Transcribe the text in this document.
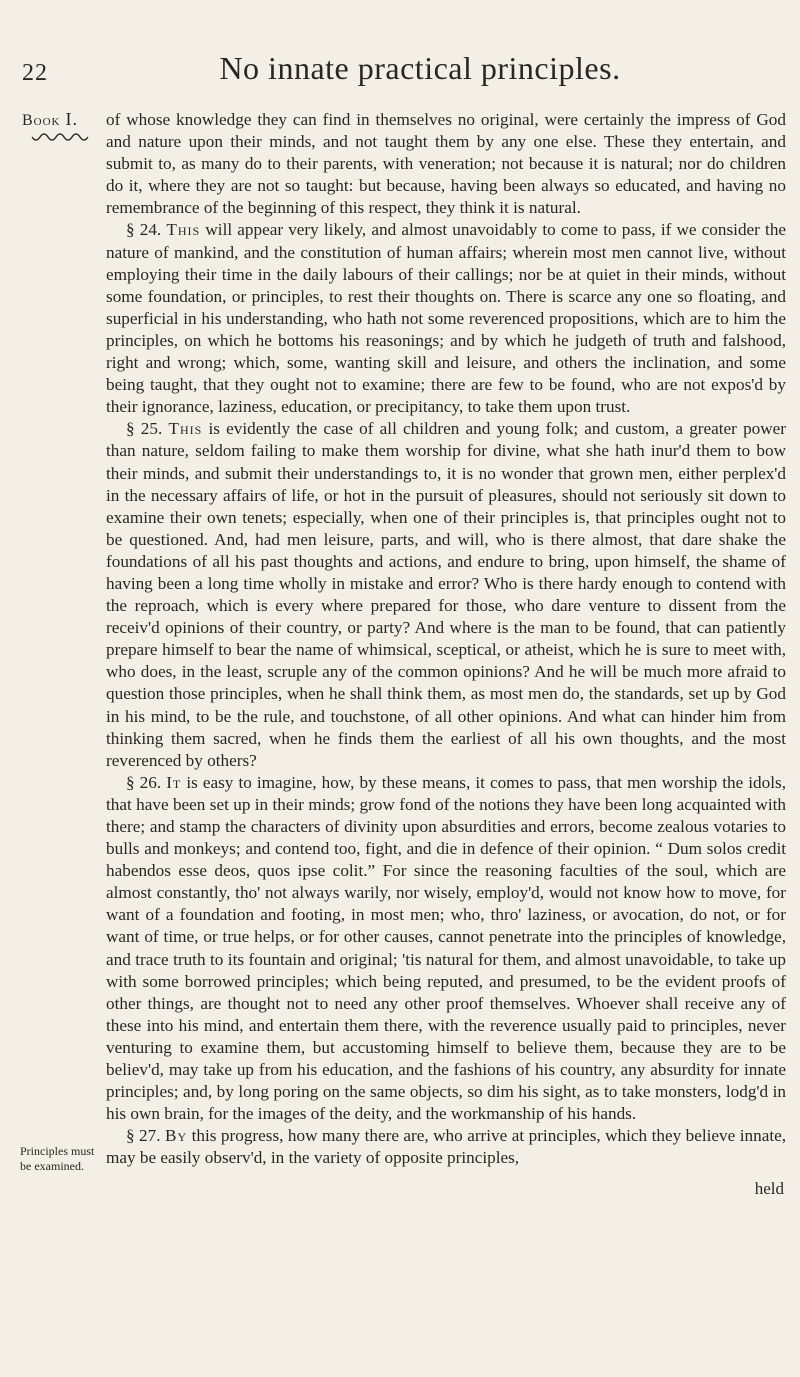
22	No innate practical principles.
Book I. of whose knowledge they can find in themselves no original, were certainly the impress of God and nature upon their minds, and not taught them by any one else. These they entertain, and submit to, as many do to their parents, with veneration; not because it is natural; nor do children do it, where they are not so taught: but because, having been always so educated, and having no remembrance of the beginning of this respect, they think it is natural.

§ 24. This will appear very likely, and almost unavoidably to come to pass, if we consider the nature of mankind, and the constitution of human affairs; wherein most men cannot live, without employing their time in the daily labours of their callings; nor be at quiet in their minds, without some foundation, or principles, to rest their thoughts on. There is scarce any one so floating, and superficial in his understanding, who hath not some reverenced propositions, which are to him the principles, on which he bottoms his reasonings; and by which he judgeth of truth and falshood, right and wrong; which, some, wanting skill and leisure, and others the inclination, and some being taught, that they ought not to examine; there are few to be found, who are not expos'd by their ignorance, laziness, education, or precipitancy, to take them upon trust.

§ 25. This is evidently the case of all children and young folk; and custom, a greater power than nature, seldom failing to make them worship for divine, what she hath inur'd them to bow their minds, and submit their understandings to, it is no wonder that grown men, either perplex'd in the necessary affairs of life, or hot in the pursuit of pleasures, should not seriously sit down to examine their own tenets; especially, when one of their principles is, that principles ought not to be questioned. And, had men leisure, parts, and will, who is there almost, that dare shake the foundations of all his past thoughts and actions, and endure to bring, upon himself, the shame of having been a long time wholly in mistake and error? Who is there hardy enough to contend with the reproach, which is every where prepared for those, who dare venture to dissent from the receiv'd opinions of their country, or party? And where is the man to be found, that can patiently prepare himself to bear the name of whimsical, sceptical, or atheist, which he is sure to meet with, who does, in the least, scruple any of the common opinions? And he will be much more afraid to question those principles, when he shall think them, as most men do, the standards, set up by God in his mind, to be the rule, and touchstone, of all other opinions. And what can hinder him from thinking them sacred, when he finds them the earliest of all his own thoughts, and the most reverenced by others?

§ 26. It is easy to imagine, how, by these means, it comes to pass, that men worship the idols, that have been set up in their minds; grow fond of the notions they have been long acquainted with there; and stamp the characters of divinity upon absurdities and errors, become zealous votaries to bulls and monkeys; and contend too, fight, and die in defence of their opinion. “ Dum solos credit habendos esse deos, quos ipse colit.” For since the reasoning faculties of the soul, which are almost constantly, tho' not always warily, nor wisely, employ'd, would not know how to move, for want of a foundation and footing, in most men; who, thro' laziness, or avocation, do not, or for want of time, or true helps, or for other causes, cannot penetrate into the principles of knowledge, and trace truth to its fountain and original; 'tis natural for them, and almost unavoidable, to take up with some borrowed principles; which being reputed, and presumed, to be the evident proofs of other things, are thought not to need any other proof themselves. Whoever shall receive any of these into his mind, and entertain them there, with the reverence usually paid to principles, never venturing to examine them, but accustoming himself to believe them, because they are to be believ'd, may take up from his education, and the fashions of his country, any absurdity for innate principles; and, by long poring on the same objects, so dim his sight, as to take monsters, lodg'd in his own brain, for the images of the deity, and the workmanship of his hands.

§ 27. By this progress, how many there are, who arrive at principles, which they believe innate, may be easily observ'd, in the variety of opposite principles,

Principles must be examined.
held
